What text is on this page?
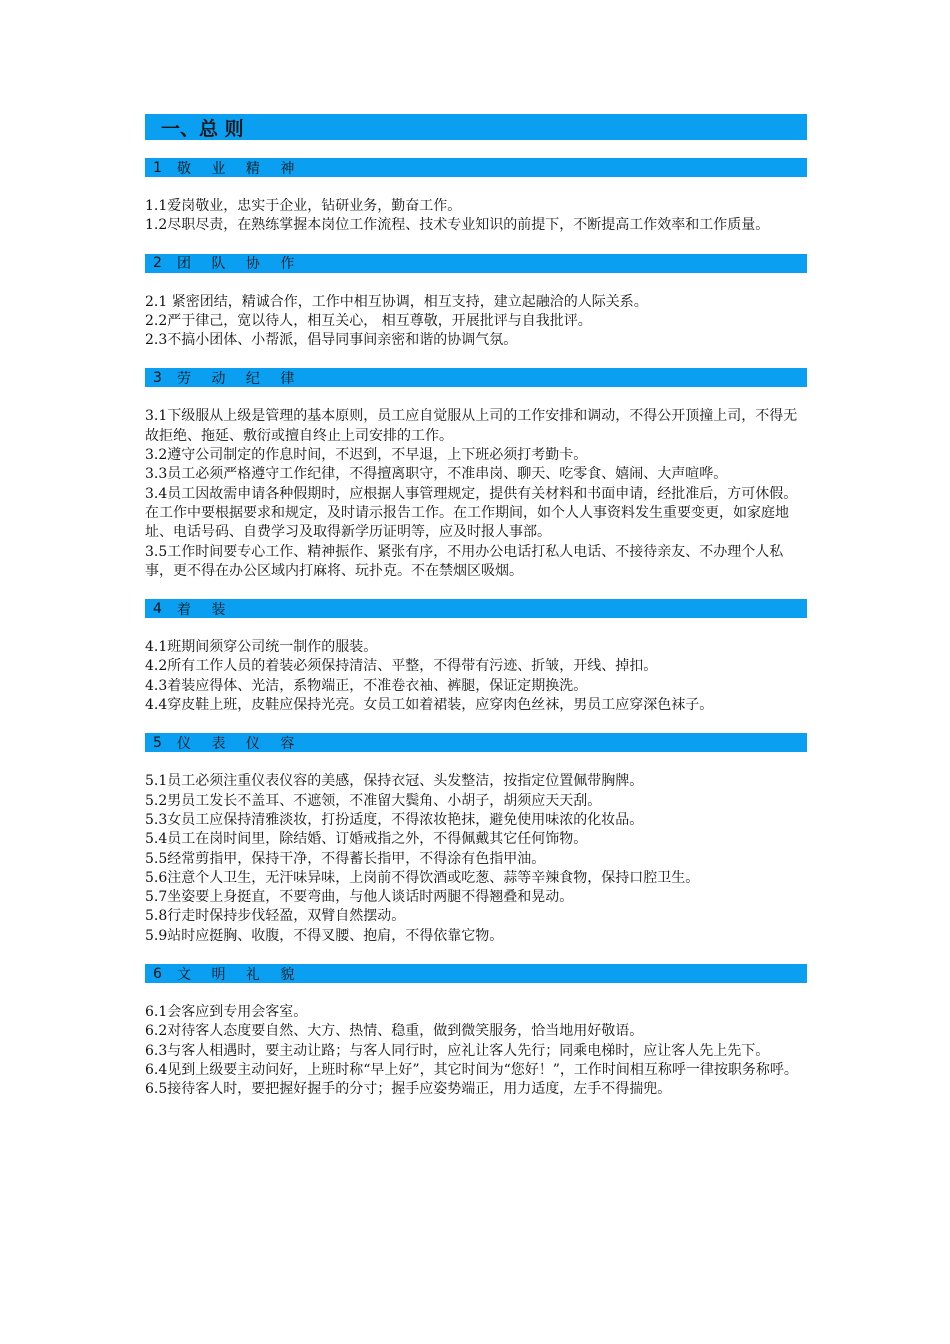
一、总 则
1	敬 业 精 神

1.1爱岗敬业，忠实于企业，钻研业务，勤奋工作。

1.2尽职尽责，在熟练掌握本岗位工作流程、技术专业知识的前提下，不断提高工作效率和工作质量。

2	团 队 协 作

2.1 紧密团结，精诚合作，工作中相互协调，相互支持，建立起融洽的人际关系。

2.2严于律己，宽以待人，相互关心， 相互尊敬，开展批评与自我批评。

2.3不搞小团体、小帮派，倡导同事间亲密和谐的协调气氛。

3	劳 动 纪 律

3.1下级服从上级是管理的基本原则，员工应自觉服从上司的工作安排和调动，不得公开顶撞上司，不得无故拒绝、拖延、敷衍或擅自终止上司安排的工作。

3.2遵守公司制定的作息时间，不迟到，不早退，上下班必须打考勤卡。

3.3员工必须严格遵守工作纪律，不得擅离职守，不准串岗、聊天、吃零食、嬉闹、大声喧哗。

3.4员工因故需申请各种假期时，应根据人事管理规定，提供有关材料和书面申请，经批准后，方可休假。在工作中要根据要求和规定，及时请示报告工作。在工作期间，如个人人事资料发生重要变更，如家庭地址、电话号码、自费学习及取得新学历证明等，应及时报人事部。

3.5工作时间要专心工作、精神振作、紧张有序，不用办公电话打私人电话、不接待亲友、不办理个人私事，更不得在办公区域内打麻将、玩扑克。不在禁烟区吸烟。

4	着 装

4.1班期间须穿公司统一制作的服装。

4.2所有工作人员的着装必须保持清洁、平整，不得带有污迹、折皱，开线、掉扣。

4.3着装应得体、光洁，系物端正，不准卷衣袖、裤腿，保证定期换洗。

4.4穿皮鞋上班，皮鞋应保持光亮。女员工如着裙装，应穿肉色丝袜，男员工应穿深色袜子。

5	仪 表 仪 容

5.1员工必须注重仪表仪容的美感，保持衣冠、头发整洁，按指定位置佩带胸牌。

5.2男员工发长不盖耳、不遮领，不准留大鬓角、小胡子，胡须应天天刮。

5.3女员工应保持清雅淡妆，打扮适度，不得浓妆艳抹，避免使用味浓的化妆品。

5.4员工在岗时间里，除结婚、订婚戒指之外，不得佩戴其它任何饰物。

5.5经常剪指甲，保持干净，不得蓄长指甲，不得涂有色指甲油。

5.6注意个人卫生，无汗味异味，上岗前不得饮酒或吃葱、蒜等辛辣食物，保持口腔卫生。

5.7坐姿要上身挺直，不要弯曲，与他人谈话时两腿不得翘叠和晃动。

5.8行走时保持步伐轻盈，双臂自然摆动。

5.9站时应挺胸、收腹，不得叉腰、抱肩，不得依靠它物。

6	文 明 礼 貌

6.1会客应到专用会客室。

6.2对待客人态度要自然、大方、热情、稳重，做到微笑服务，恰当地用好敬语。

6.3与客人相遇时，要主动让路；与客人同行时，应礼让客人先行；同乘电梯时，应让客人先上先下。

6.4见到上级要主动问好，上班时称“早上好”，其它时间为“您好！”，工作时间相互称呼一律按职务称呼。

6.5接待客人时，要把握好握手的分寸；握手应姿势端正，用力适度，左手不得揣兜。
